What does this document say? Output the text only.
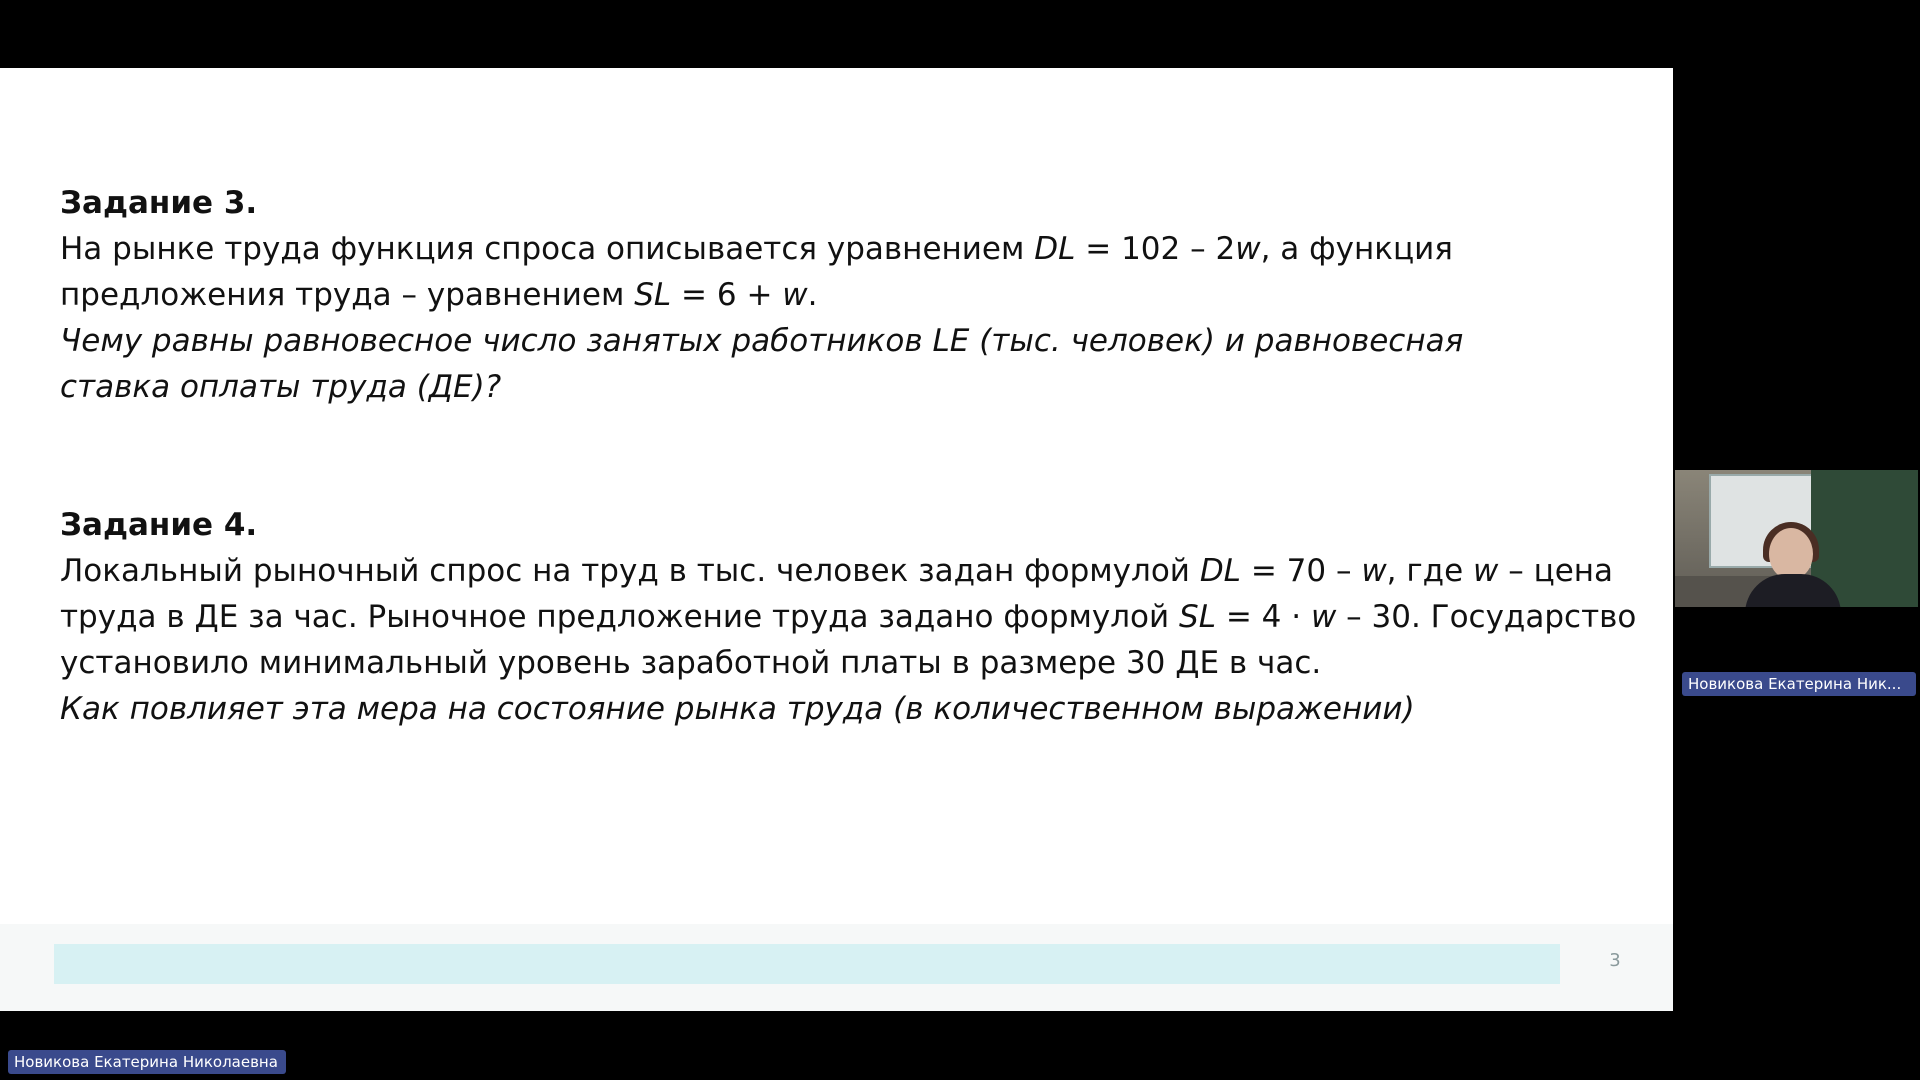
Задание 3.
На рынке труда функция спроса описывается уравнением DL = 102 – 2w, а функция
предложения труда – уравнением SL = 6 + w.
Чему равны равновесное число занятых работников LE (тыс. человек) и равновесная
ставка оплаты труда (ДЕ)?
Задание 4.
Локальный рыночный спрос на труд в тыс. человек задан формулой DL = 70 – w, где w – цена
труда в ДЕ за час. Рыночное предложение труда задано формулой SL = 4 · w – 30. Государство
установило минимальный уровень заработной платы в размере 30 ДЕ в час.
Как повлияет эта мера на состояние рынка труда (в количественном выражении)
3
Новикова Екатерина Ник...
Новикова Екатерина Николаевна
